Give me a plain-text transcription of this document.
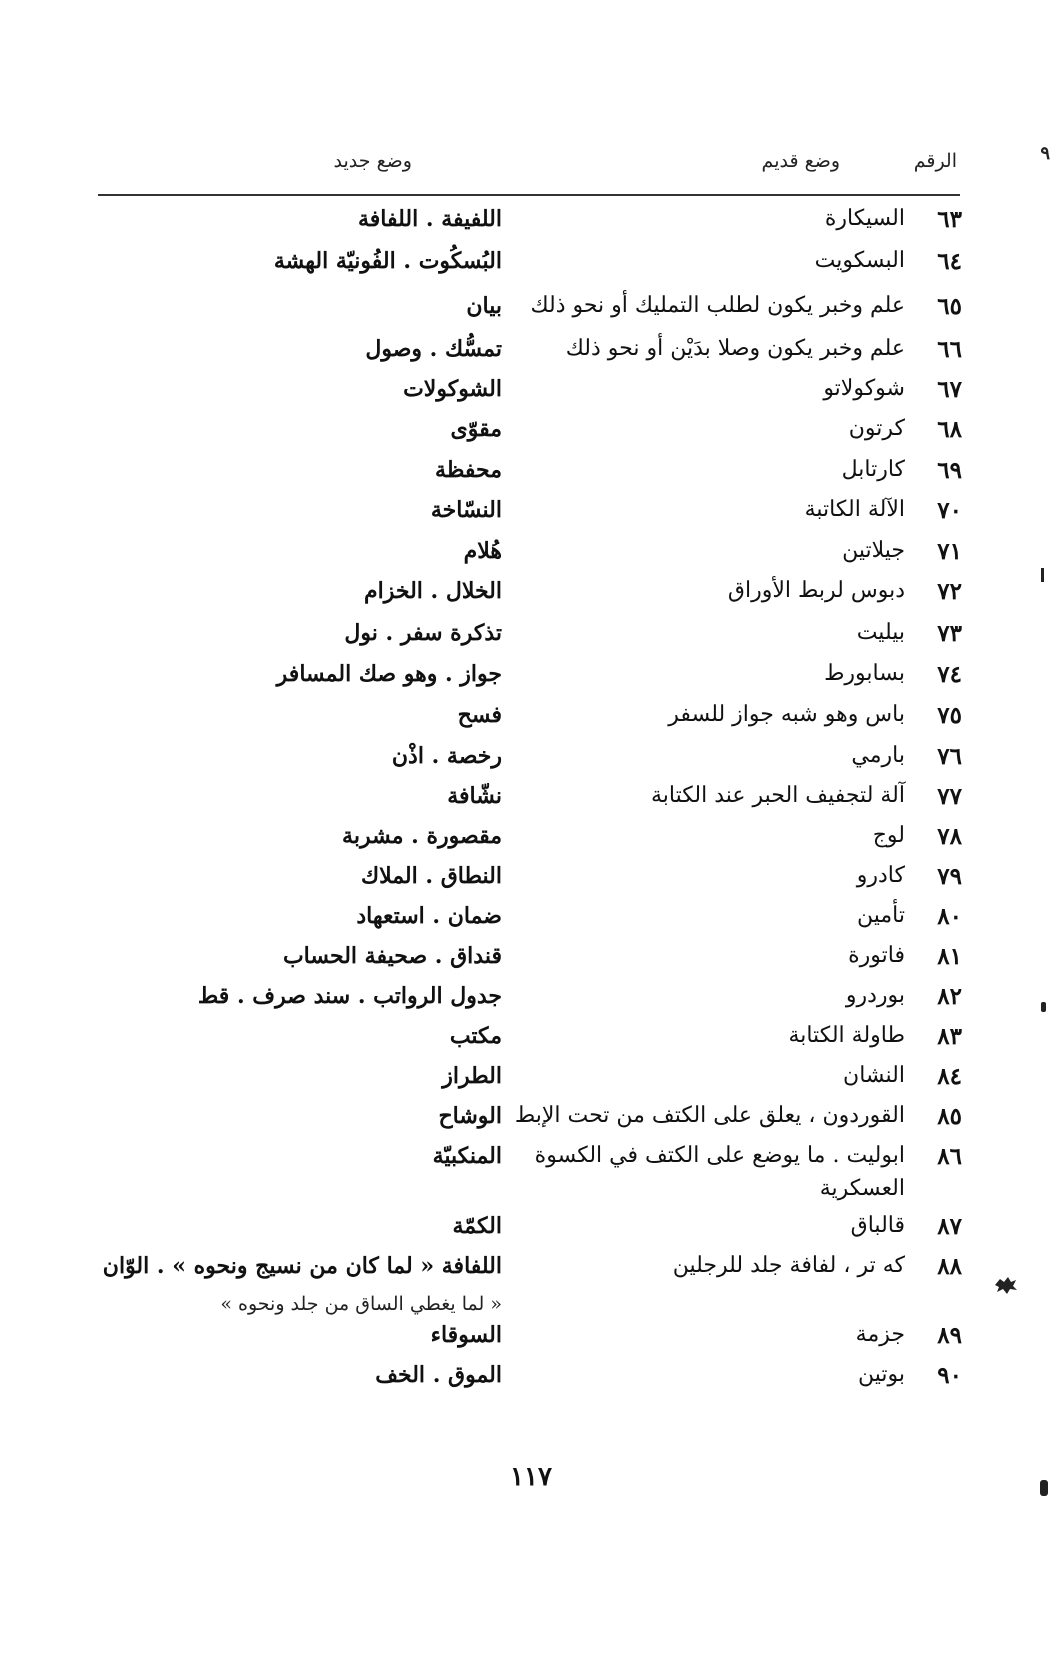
الرقم
وضع قديم
وضع جديد
٦٣
السيكارة
اللفيفة . اللفافة
٦٤
البسكويت
البُسكُوت . الفُونيّة الهشة
٦٥
علم وخبر يكون لطلب التمليك أو نحو ذلك
بيان
٦٦
علم وخبر يكون وصلا بدَيْن أو نحو ذلك
تمسُّك . وصول
٦٧
شوكولاتو
الشوكولات
٦٨
كرتون
مقوّى
٦٩
كارتابل
محفظة
٧٠
الآلة الكاتبة
النسّاخة
٧١
جيلاتين
هُلام
٧٢
دبوس لربط الأوراق
الخلال . الخزام
٧٣
بيليت
تذكرة سفر . نول
٧٤
بسابورط
جواز . وهو صك المسافر
٧٥
باس وهو شبه جواز للسفر
فسح
٧٦
بارمي
رخصة . اذْن
٧٧
آلة لتجفيف الحبر عند الكتابة
نشّافة
٧٨
لوج
مقصورة . مشربة
٧٩
كادرو
النطاق . الملاك
٨٠
تأمين
ضمان . استعهاد
٨١
فاتورة
قنداق . صحيفة الحساب
٨٢
بوردرو
جدول الرواتب . سند صرف . قط
٨٣
طاولة الكتابة
مكتب
٨٤
النشان
الطراز
٨٥
القوردون ، يعلق على الكتف من تحت الإبط
الوشاح
٨٦
ابوليت . ما يوضع على الكتف في الكسوة
العسكرية
المنكبيّة
٨٧
قالباق
الكمّة
٨٨
كه تر ، لفافة جلد للرجلين
اللفافة « لما كان من نسيج ونحوه » . الوّان
« لما يغطي الساق من جلد ونحوه »
٨٩
جزمة
السوقاء
٩٠
بوتين
الموق . الخف
١١٧
٩
